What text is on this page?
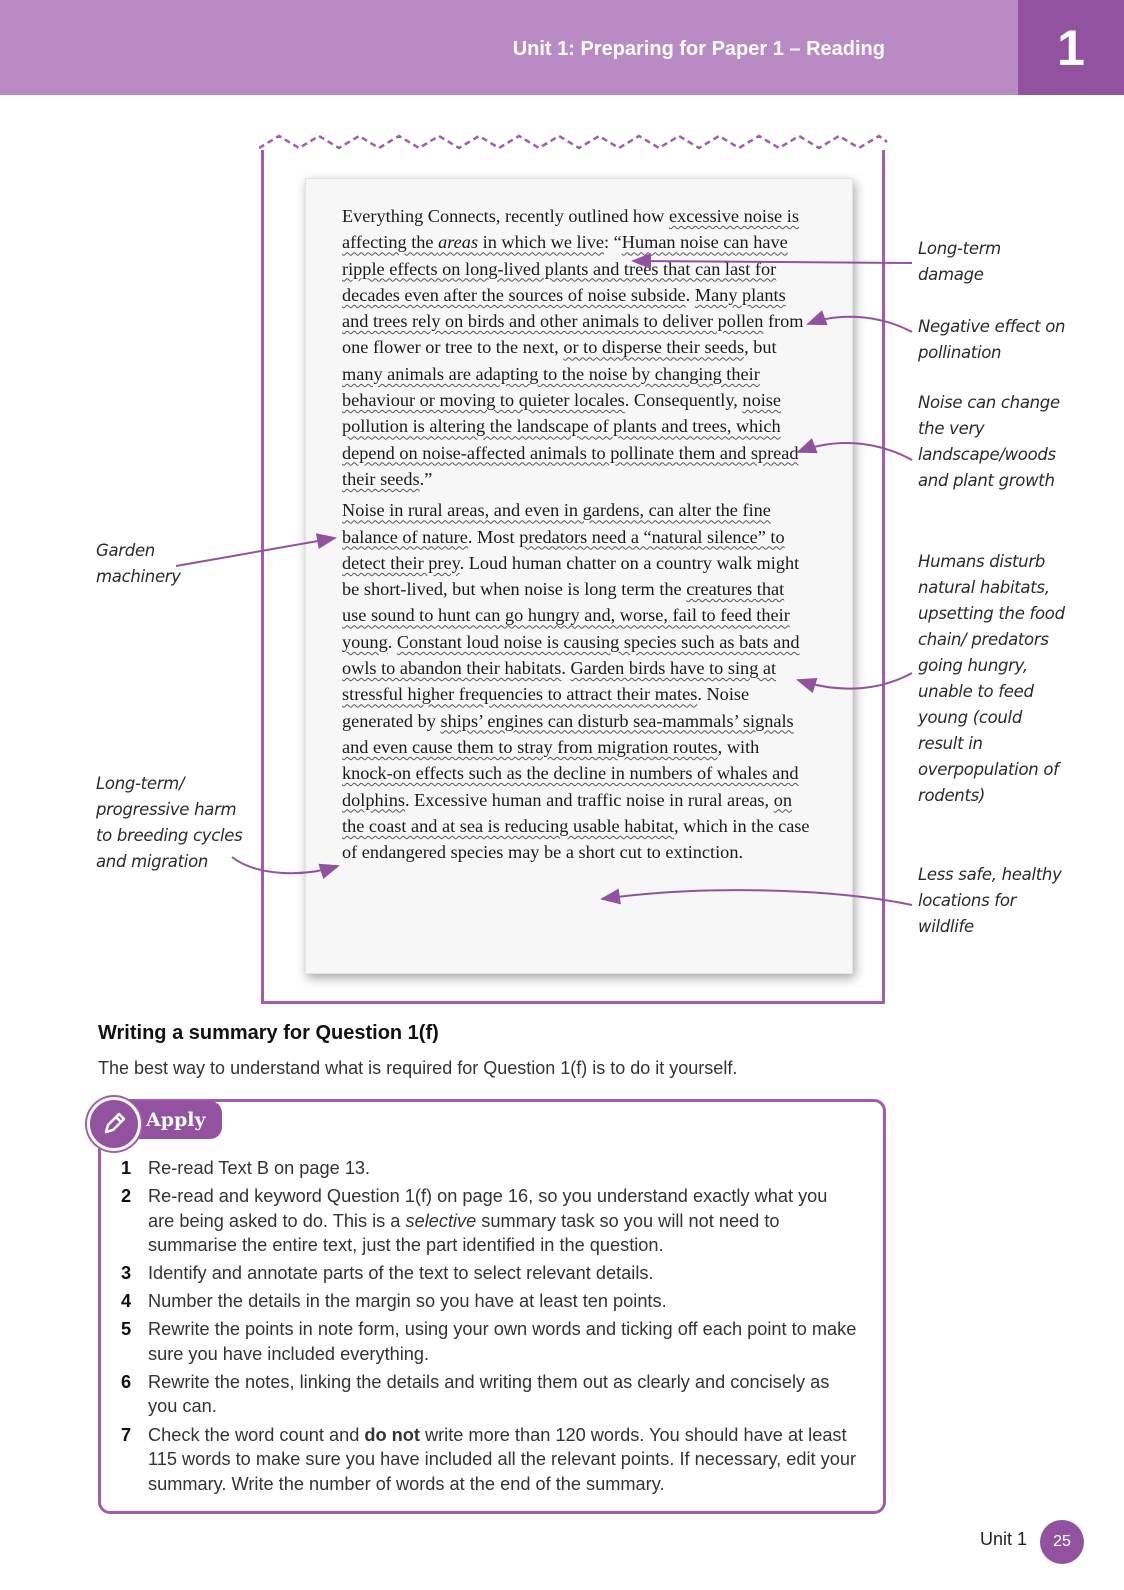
Unit 1: Preparing for Paper 1 – Reading	1

Everything Connects, recently outlined how excessive noise is affecting the areas in which we live: “Human noise can have ripple effects on long-lived plants and trees that can last for decades even after the sources of noise subside. Many plants and trees rely on birds and other animals to deliver pollen from one flower or tree to the next, or to disperse their seeds, but many animals are adapting to the noise by changing their behaviour or moving to quieter locales. Consequently, noise pollution is altering the landscape of plants and trees, which depend on noise-affected animals to pollinate them and spread their seeds.”

Noise in rural areas, and even in gardens, can alter the fine balance of nature. Most predators need a “natural silence” to detect their prey. Loud human chatter on a country walk might be short-lived, but when noise is long term the creatures that use sound to hunt can go hungry and, worse, fail to feed their young. Constant loud noise is causing species such as bats and owls to abandon their habitats. Garden birds have to sing at stressful higher frequencies to attract their mates. Noise generated by ships’ engines can disturb sea-mammals’ signals and even cause them to stray from migration routes, with knock-on effects such as the decline in numbers of whales and dolphins. Excessive human and traffic noise in rural areas, on the coast and at sea is reducing usable habitat, which in the case of endangered species may be a short cut to extinction.

Long-term damage
Negative effect on pollination
Noise can change the very landscape/woods and plant growth
Garden machinery
Humans disturb natural habitats, upsetting the food chain/ predators going hungry, unable to feed young (could result in overpopulation of rodents)
Long-term/ progressive harm to breeding cycles and migration
Less safe, healthy locations for wildlife
Writing a summary for Question 1(f)

The best way to understand what is required for Question 1(f) is to do it yourself.

Apply
1 Re-read Text B on page 13.
2 Re-read and keyword Question 1(f) on page 16, so you understand exactly what you are being asked to do. This is a selective summary task so you will not need to summarise the entire text, just the part identified in the question.
3 Identify and annotate parts of the text to select relevant details.
4 Number the details in the margin so you have at least ten points.
5 Rewrite the points in note form, using your own words and ticking off each point to make sure you have included everything.
6 Rewrite the notes, linking the details and writing them out as clearly and concisely as you can.
7 Check the word count and do not write more than 120 words. You should have at least 115 words to make sure you have included all the relevant points. If necessary, edit your summary. Write the number of words at the end of the summary.
Unit 1	25
